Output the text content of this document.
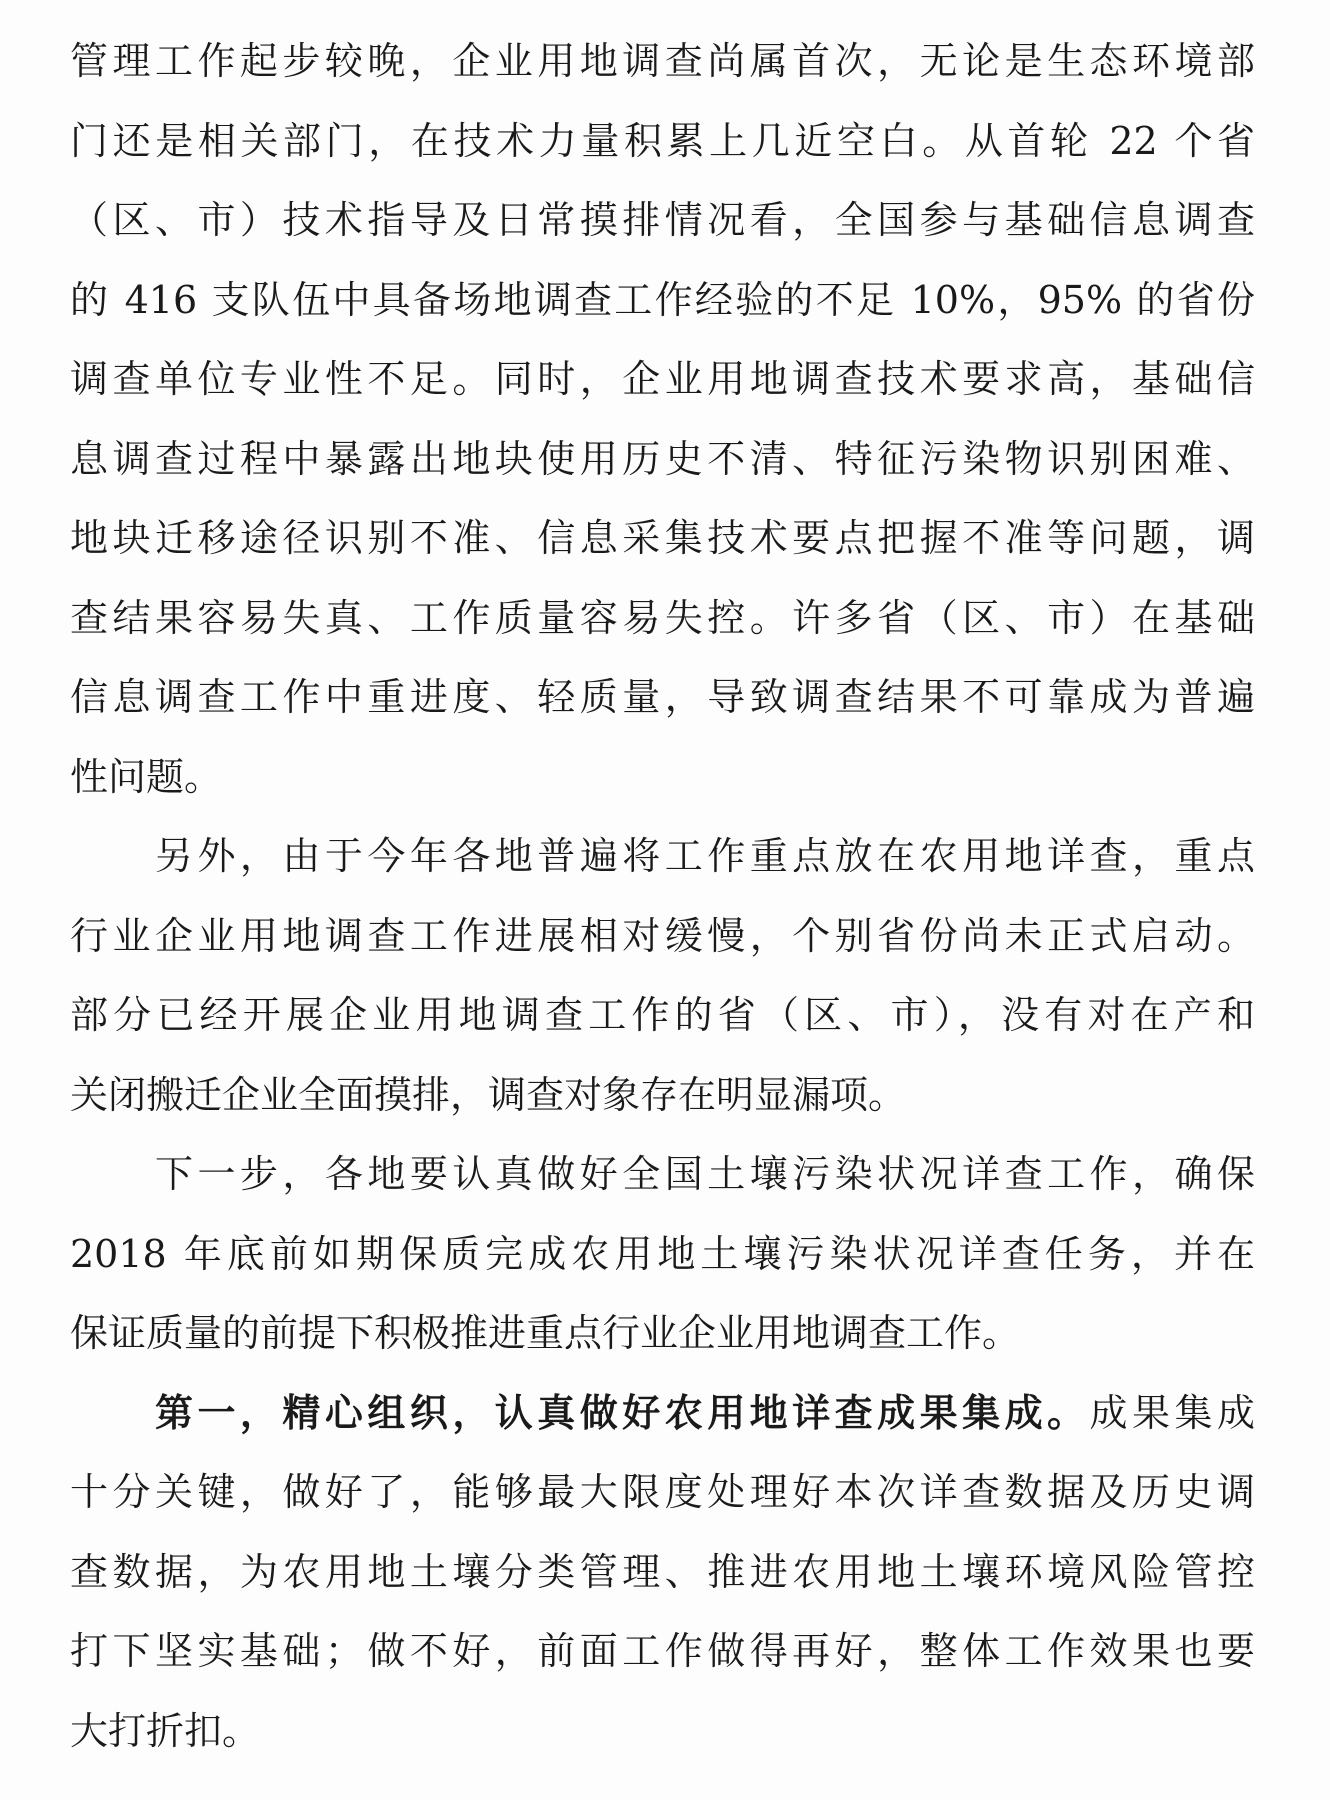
管理工作起步较晚，企业用地调查尚属首次，无论是生态环境部
门还是相关部门，在技术力量积累上几近空白。从首轮 22 个省
（区、市）技术指导及日常摸排情况看，全国参与基础信息调查
的 416 支队伍中具备场地调查工作经验的不足 10%，95% 的省份
调查单位专业性不足。同时，企业用地调查技术要求高，基础信
息调查过程中暴露出地块使用历史不清、特征污染物识别困难、
地块迁移途径识别不准、信息采集技术要点把握不准等问题，调
查结果容易失真、工作质量容易失控。许多省（区、市）在基础
信息调查工作中重进度、轻质量，导致调查结果不可靠成为普遍
性问题。
　　另外，由于今年各地普遍将工作重点放在农用地详查，重点
行业企业用地调查工作进展相对缓慢，个别省份尚未正式启动。
部分已经开展企业用地调查工作的省（区、市），没有对在产和
关闭搬迁企业全面摸排，调查对象存在明显漏项。
　　下一步，各地要认真做好全国土壤污染状况详查工作，确保
2018 年底前如期保质完成农用地土壤污染状况详查任务，并在
保证质量的前提下积极推进重点行业企业用地调查工作。
　　第一，精心组织，认真做好农用地详查成果集成。成果集成
十分关键，做好了，能够最大限度处理好本次详查数据及历史调
查数据，为农用地土壤分类管理、推进农用地土壤环境风险管控
打下坚实基础；做不好，前面工作做得再好，整体工作效果也要
大打折扣。
